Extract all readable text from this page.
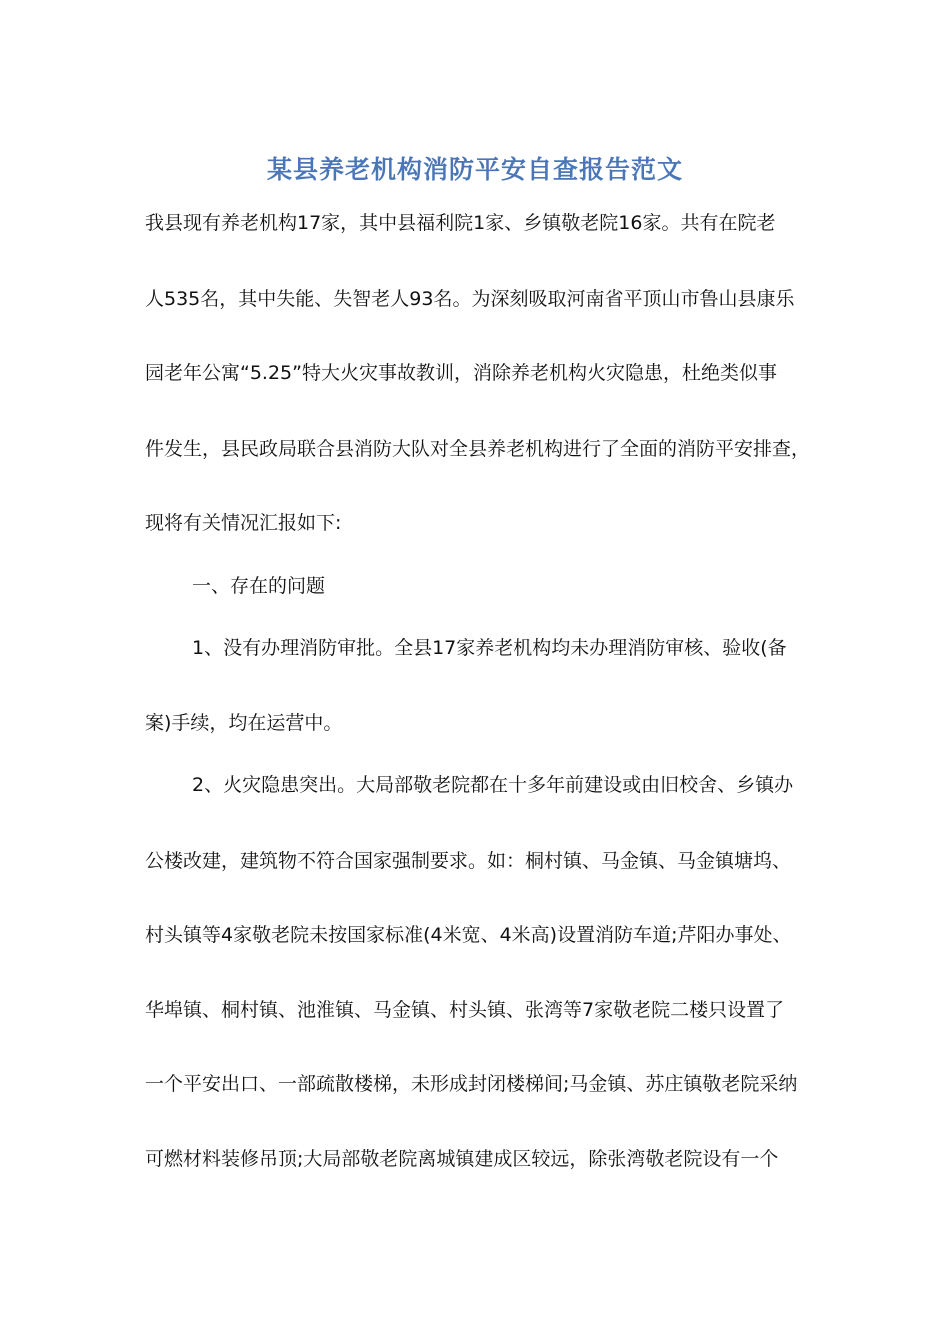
某县养老机构消防平安自查报告范文
我县现有养老机构17家，其中县福利院1家、乡镇敬老院16家。共有在院老
人535名，其中失能、失智老人93名。为深刻吸取河南省平顶山市鲁山县康乐
园老年公寓“5.25”特大火灾事故教训，消除养老机构火灾隐患，杜绝类似事
件发生，县民政局联合县消防大队对全县养老机构进行了全面的消防平安排查，
现将有关情况汇报如下:
一、存在的问题
1、没有办理消防审批。全县17家养老机构均未办理消防审核、验收(备
案)手续，均在运营中。
2、火灾隐患突出。大局部敬老院都在十多年前建设或由旧校舍、乡镇办
公楼改建，建筑物不符合国家强制要求。如：桐村镇、马金镇、马金镇塘坞、
村头镇等4家敬老院未按国家标准(4米宽、4米高)设置消防车道;芹阳办事处、
华埠镇、桐村镇、池淮镇、马金镇、村头镇、张湾等7家敬老院二楼只设置了
一个平安出口、一部疏散楼梯，未形成封闭楼梯间;马金镇、苏庄镇敬老院采纳
可燃材料装修吊顶;大局部敬老院离城镇建成区较远，除张湾敬老院设有一个
